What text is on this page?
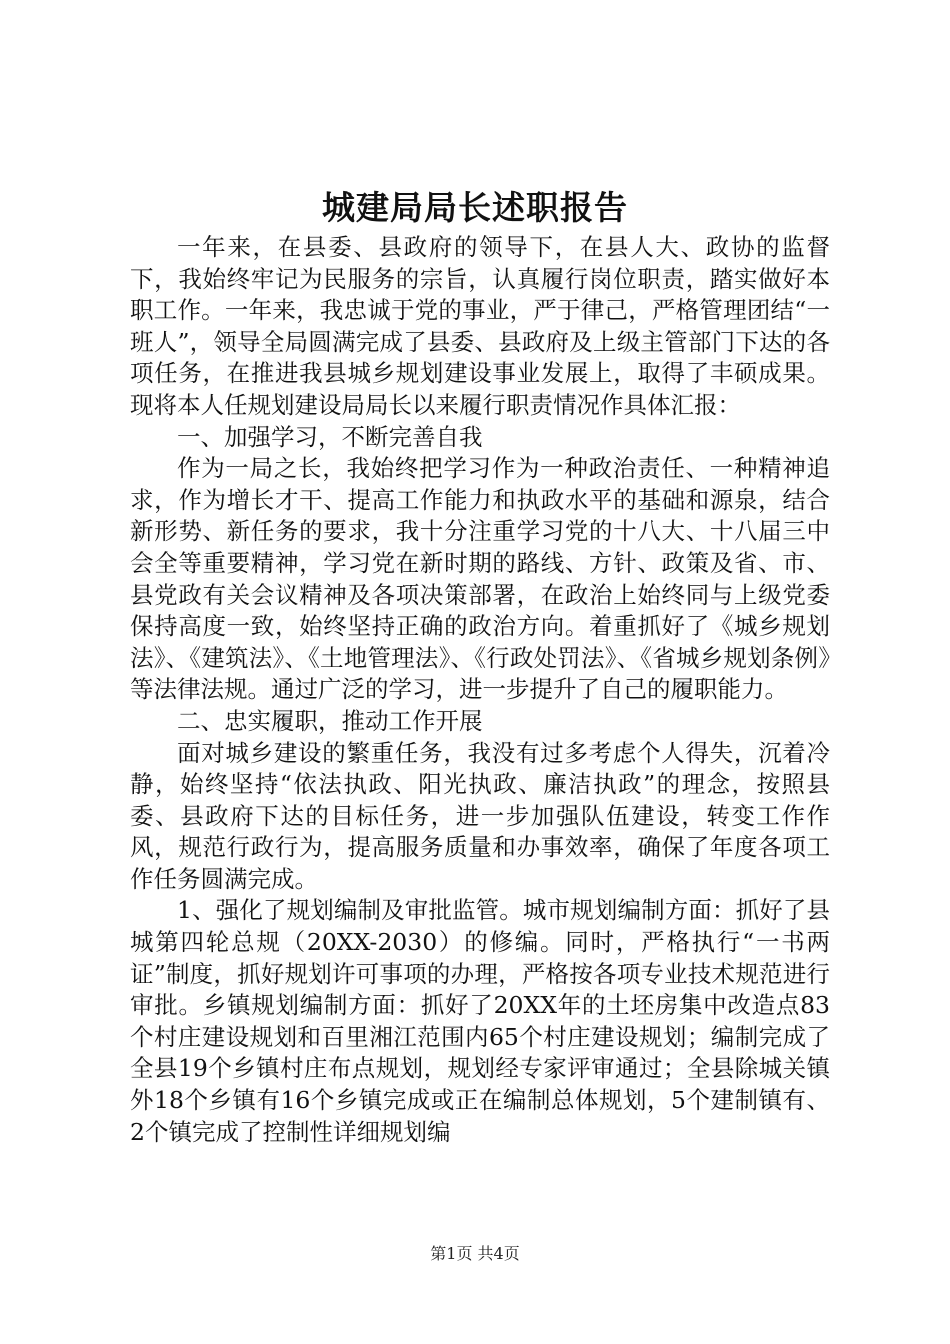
城建局局长述职报告

一年来，在县委、县政府的领导下，在县人大、政协的监督下，我始终牢记为民服务的宗旨，认真履行岗位职责，踏实做好本职工作。一年来，我忠诚于党的事业，严于律己，严格管理团结“一班人”，领导全局圆满完成了县委、县政府及上级主管部门下达的各项任务，在推进我县城乡规划建设事业发展上，取得了丰硕成果。现将本人任规划建设局局长以来履行职责情况作具体汇报：

一、加强学习，不断完善自我

作为一局之长，我始终把学习作为一种政治责任、一种精神追求，作为增长才干、提高工作能力和执政水平的基础和源泉，结合新形势、新任务的要求，我十分注重学习党的十八大、十八届三中会全等重要精神，学习党在新时期的路线、方针、政策及省、市、县党政有关会议精神及各项决策部署，在政治上始终同与上级党委保持高度一致，始终坚持正确的政治方向。着重抓好了《城乡规划法》、《建筑法》、《土地管理法》、《行政处罚法》、《省城乡规划条例》等法律法规。通过广泛的学习，进一步提升了自己的履职能力。

二、忠实履职，推动工作开展

面对城乡建设的繁重任务，我没有过多考虑个人得失，沉着冷静，始终坚持“依法执政、阳光执政、廉洁执政”的理念，按照县委、县政府下达的目标任务，进一步加强队伍建设，转变工作作风，规范行政行为，提高服务质量和办事效率，确保了年度各项工作任务圆满完成。

1、强化了规划编制及审批监管。城市规划编制方面：抓好了县城第四轮总规（20XX-2030）的修编。同时，严格执行“一书两证”制度，抓好规划许可事项的办理，严格按各项专业技术规范进行审批。乡镇规划编制方面：抓好了20XX年的土坯房集中改造点83个村庄建设规划和百里湘江范围内65个村庄建设规划；编制完成了全县19个乡镇村庄布点规划，规划经专家评审通过；全县除城关镇外18个乡镇有16个乡镇完成或正在编制总体规划，5个建制镇有、2个镇完成了控制性详细规划编

第1页 共4页
